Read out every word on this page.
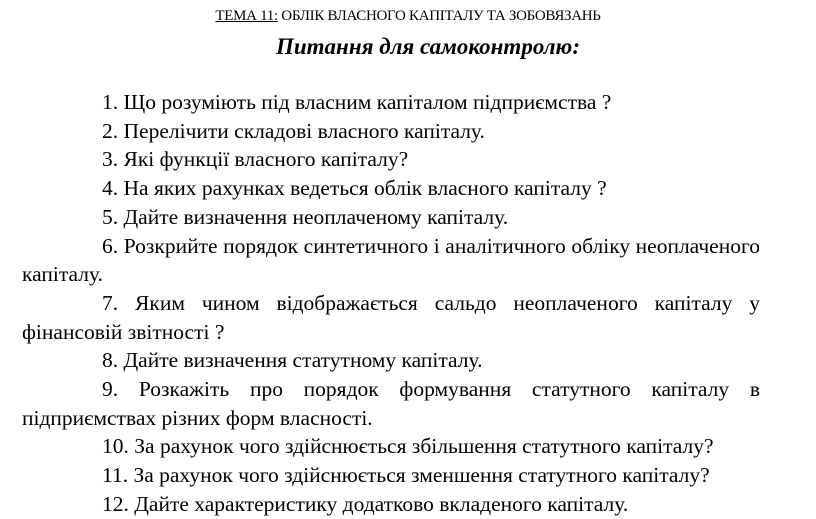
ТЕМА 11: ОБЛІК ВЛАСНОГО КАПІТАЛУ ТА ЗОБОВЯЗАНЬ
Питання для самоконтролю:

1. Що розуміють під власним капіталом підприємства ?

2. Перелічити складові власного капіталу.

3. Які функції власного капіталу?

4. На яких рахунках ведеться облік власного капіталу ?

5. Дайте визначення неоплаченому капіталу.

6. Розкрийте порядок синтетичного і аналітичного обліку неоплаченого капіталу.

7. Яким чином відображається сальдо неоплаченого капіталу у фінансовій звітності ?

8. Дайте визначення статутному капіталу.

9. Розкажіть про порядок формування статутного капіталу в підприємствах різних форм власності.

10. За рахунок чого здійснюється збільшення статутного капіталу?

11. За рахунок чого здійснюється зменшення статутного капіталу?

12. Дайте характеристику додатково вкладеного капіталу.
